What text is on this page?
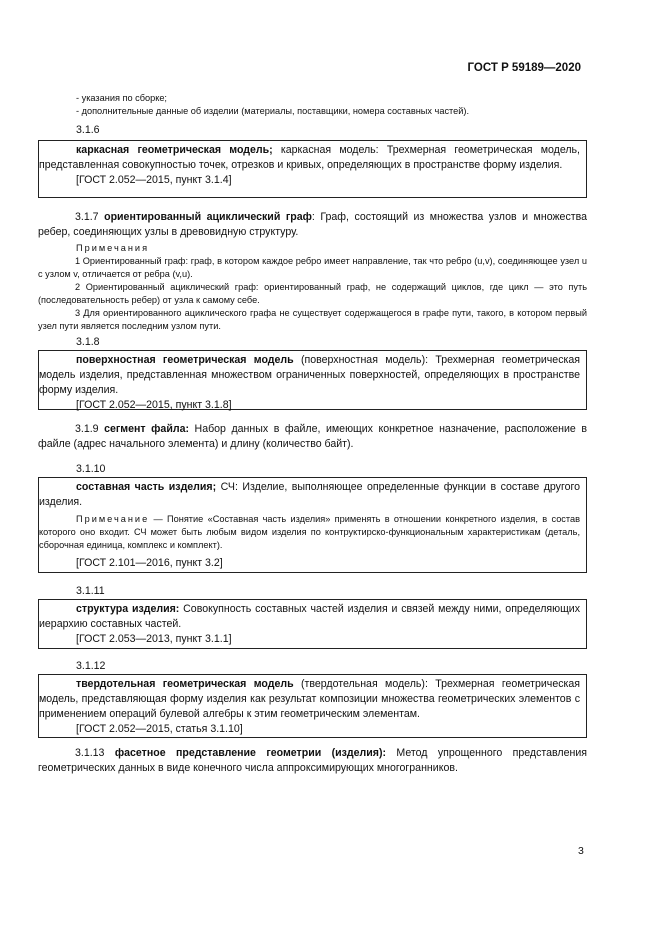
ГОСТ Р 59189—2020
- указания по сборке;
- дополнительные данные об изделии (материалы, поставщики, номера составных частей).
3.1.6

каркасная геометрическая модель; каркасная модель: Трехмерная геометрическая модель, представленная совокупностью точек, отрезков и кривых, определяющих в пространстве форму изделия.

[ГОСТ 2.052—2015, пункт 3.1.4]

3.1.7 ориентированный ациклический граф: Граф, состоящий из множества узлов и множества ребер, соединяющих узлы в древовидную структуру.
Примечания
1 Ориентированный граф: граф, в котором каждое ребро имеет направление, так что ребро (u,v), соединяющее узел u с узлом v, отличается от ребра (v,u).
2 Ориентированный ациклический граф: ориентированный граф, не содержащий циклов, где цикл — это путь (последовательность ребер) от узла к самому себе.
3 Для ориентированного ациклического графа не существует содержащегося в графе пути, такого, в котором первый узел пути является последним узлом пути.
3.1.8

поверхностная геометрическая модель (поверхностная модель): Трехмерная геометрическая модель изделия, представленная множеством ограниченных поверхностей, определяющих в пространстве форму изделия.

[ГОСТ 2.052—2015, пункт 3.1.8]

3.1.9 сегмент файла: Набор данных в файле, имеющих конкретное назначение, расположение в файле (адрес начального элемента) и длину (количество байт).
3.1.10

составная часть изделия; СЧ: Изделие, выполняющее определенные функции в составе другого изделия.

Примечание — Понятие «Составная часть изделия» применять в отношении конкретного изделия, в состав которого оно входит. СЧ может быть любым видом изделия по контруктирско-функциональным характеристикам (деталь, сборочная единица, комплекс и комплект).

[ГОСТ 2.101—2016, пункт 3.2]

3.1.11

структура изделия: Совокупность составных частей изделия и связей между ними, определяющих иерархию составных частей.

[ГОСТ 2.053—2013, пункт 3.1.1]

3.1.12

твердотельная геометрическая модель (твердотельная модель): Трехмерная геометрическая модель, представляющая форму изделия как результат композиции множества геометрических элементов с применением операций булевой алгебры к этим геометрическим элементам.

[ГОСТ 2.052—2015, статья 3.1.10]

3.1.13 фасетное представление геометрии (изделия): Метод упрощенного представления геометрических данных в виде конечного числа аппроксимирующих многогранников.
3
